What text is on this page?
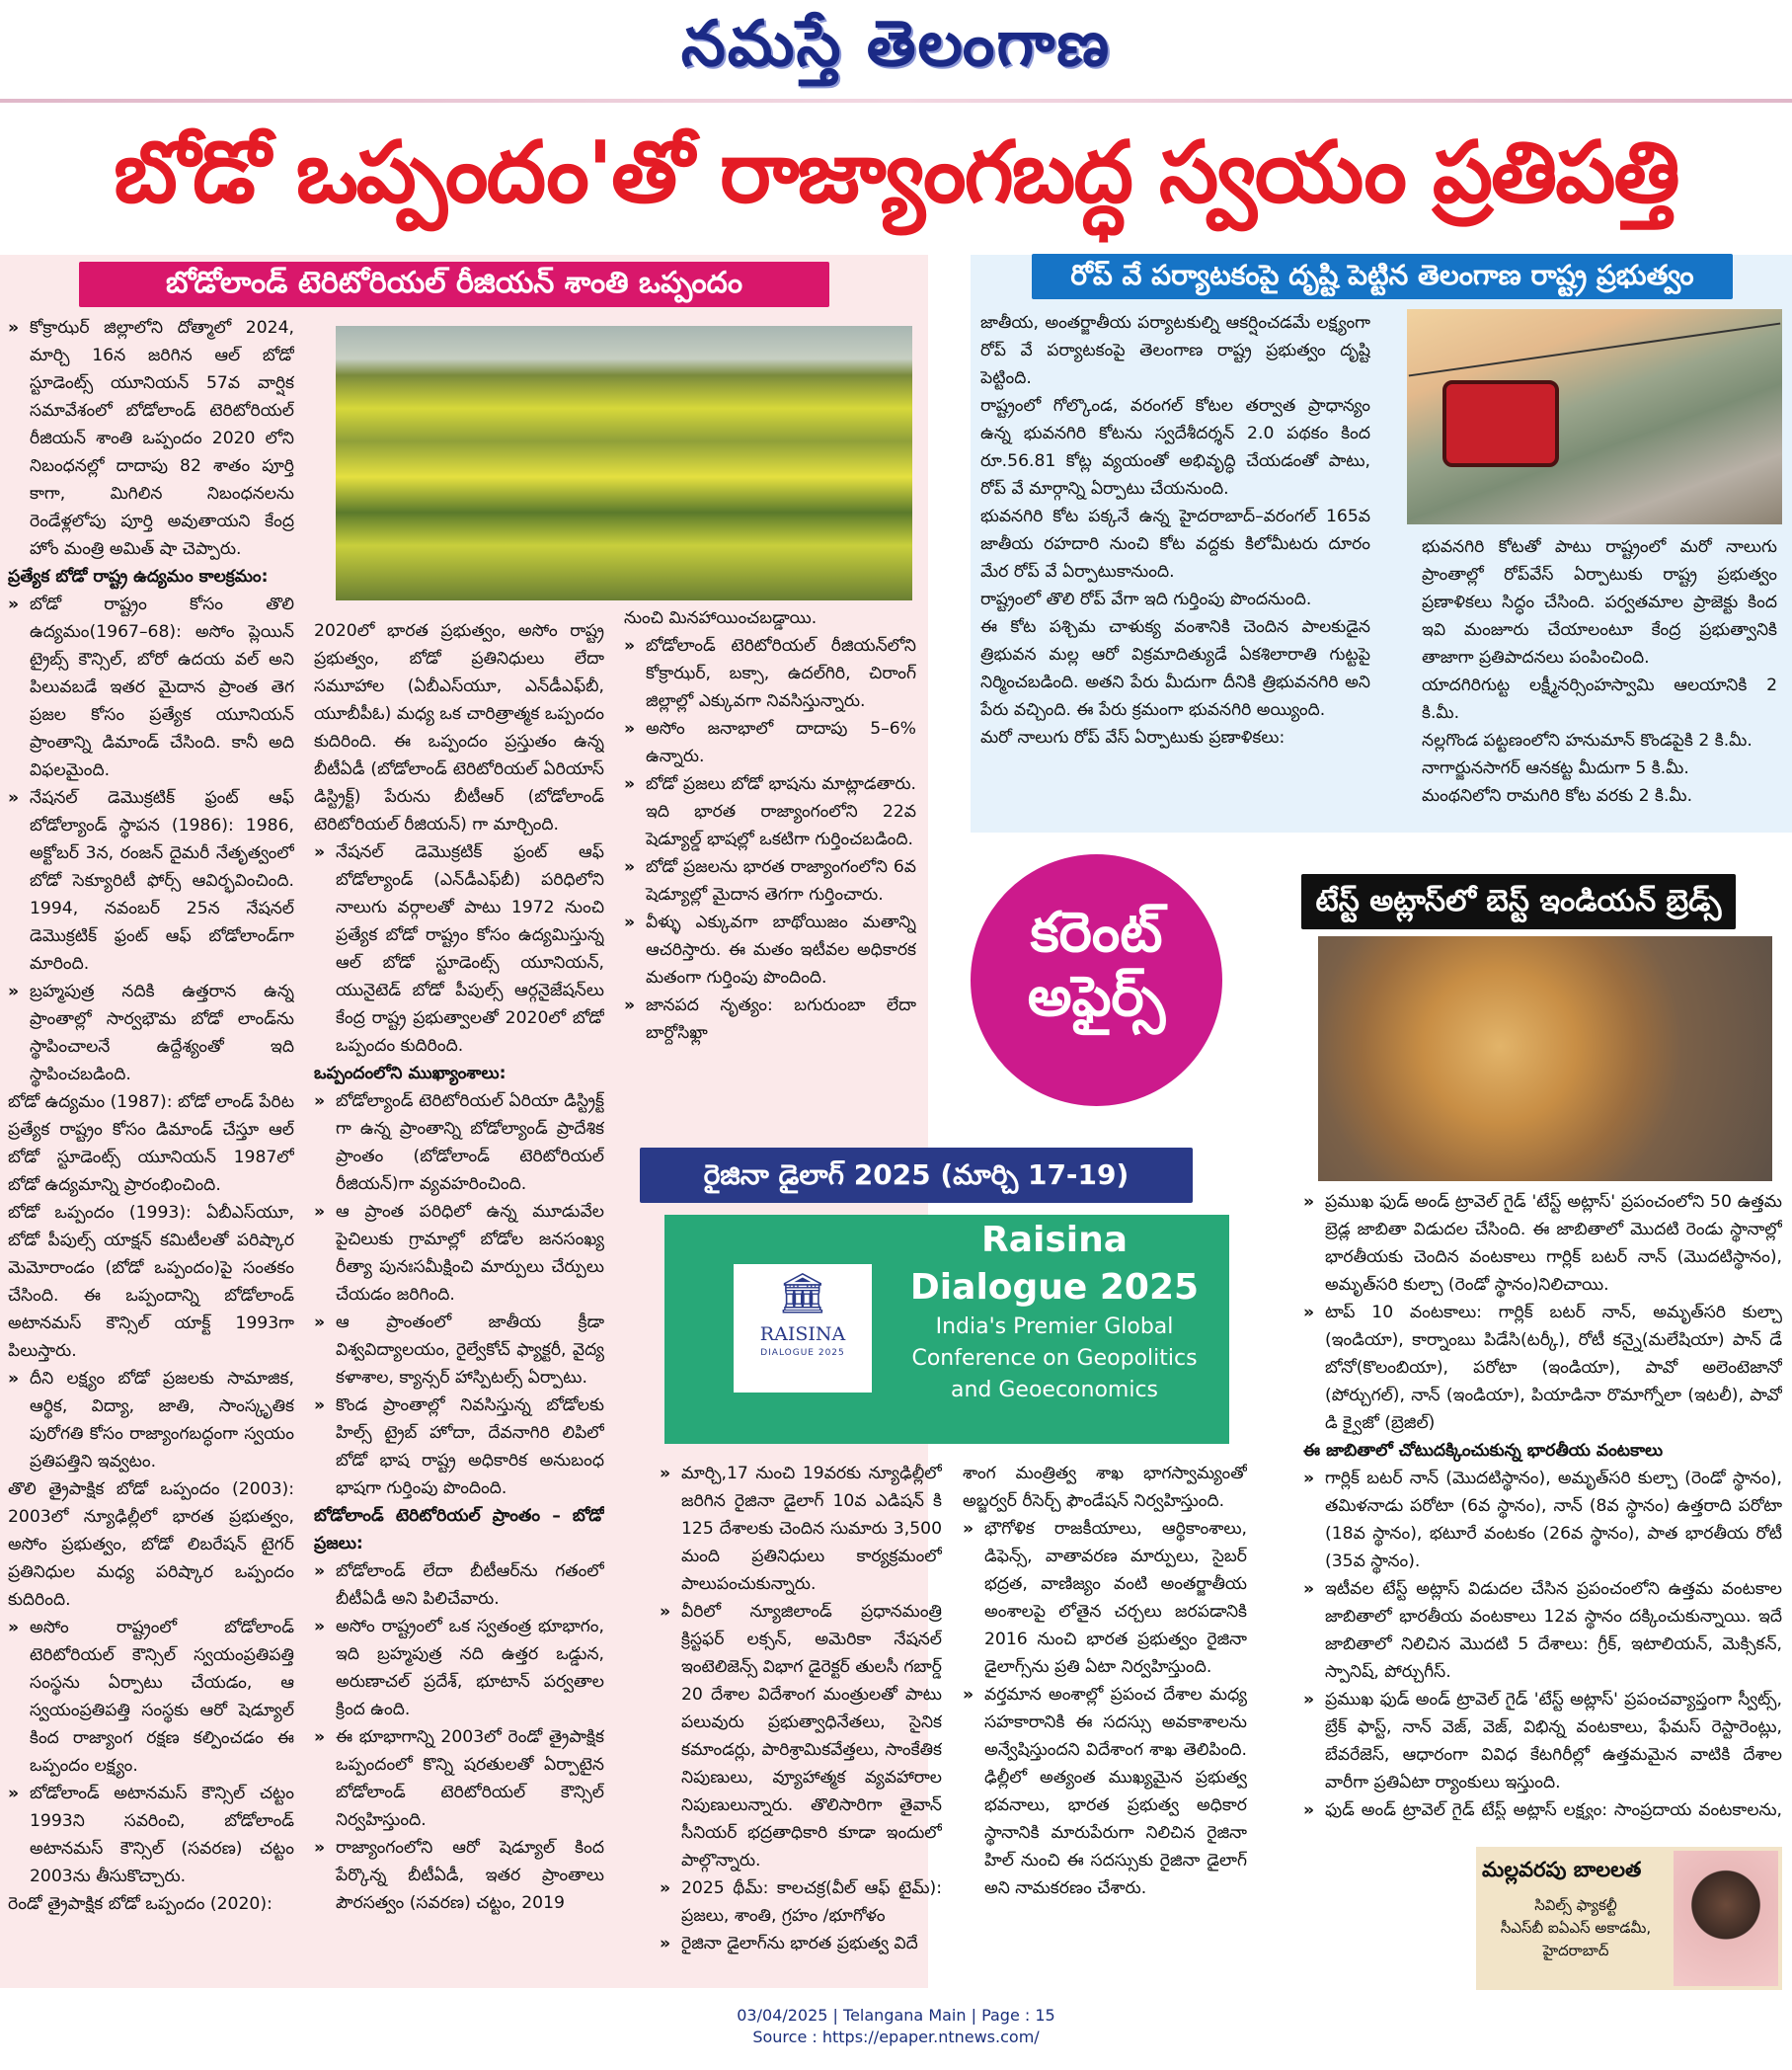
నమస్తే తెలంగాణ
బోడో ఒప్పందం'తో రాజ్యాంగబద్ధ స్వయం ప్రతిపత్తి
బోడోలాండ్ టెరిటోరియల్ రీజియన్ శాంతి ఒప్పందం

» కోక్రాఝర్ జిల్లాలోని దోత్మాలో 2024, మార్చి 16న జరిగిన ఆల్ బోడో స్టూడెంట్స్ యూనియన్ 57వ వార్షిక సమావేశంలో బోడోలాండ్ టెరిటోరియల్ రీజియన్ శాంతి ఒప్పందం 2020 లోని నిబంధనల్లో దాదాపు 82 శాతం పూర్తి కాగా, మిగిలిన నిబంధనలను రెండేళ్లలోపు పూర్తి అవుతాయని కేంద్ర హోం మంత్రి అమిత్ షా చెప్పారు.

ప్రత్యేక బోడో రాష్ట్ర ఉద్యమం కాలక్రమం:

» బోడో రాష్ట్రం కోసం తొలి ఉద్యమం(1967–68): అసోం ప్లెయిన్ ట్రైబ్స్ కౌన్సిల్, బోరో ఉదయ వల్ అని పిలువబడే ఇతర మైదాన ప్రాంత తెగ ప్రజల కోసం ప్రత్యేక యూనియన్ ప్రాంతాన్ని డిమాండ్ చేసింది. కానీ అది విఫలమైంది.

» నేషనల్ డెమొక్రటిక్ ఫ్రంట్ ఆఫ్ బోడోల్యాండ్ స్థాపన (1986): 1986, అక్టోబర్ 3న, రంజన్ దైమరీ నేతృత్వంలో బోడో సెక్యూరిటీ ఫోర్స్ ఆవిర్భవించింది. 1994, నవంబర్ 25న నేషనల్ డెమొక్రటిక్ ఫ్రంట్ ఆఫ్ బోడోలాండ్‌గా మారింది.

» బ్రహ్మపుత్ర నదికి ఉత్తరాన ఉన్న ప్రాంతాల్లో సార్వభౌమ బోడో లాండ్‌ను స్థాపించాలనే ఉద్దేశ్యంతో ఇది స్థాపించబడింది.

బోడో ఉద్యమం (1987): బోడో లాండ్ పేరిట ప్రత్యేక రాష్ట్రం కోసం డిమాండ్ చేస్తూ ఆల్ బోడో స్టూడెంట్స్ యూనియన్ 1987లో బోడో ఉద్యమాన్ని ప్రారంభించింది.

బోడో ఒప్పందం (1993): ఏబీఎస్‌యూ, బోడో పీపుల్స్ యాక్షన్ కమిటీలతో పరిష్కార మెమోరాండం (బోడో ఒప్పందం)పై సంతకం చేసింది. ఈ ఒప్పందాన్ని బోడోలాండ్ అటానమస్ కౌన్సిల్ యాక్ట్ 1993గా పిలుస్తారు.

» దీని లక్ష్యం బోడో ప్రజలకు సామాజిక, ఆర్థిక, విద్యా, జాతి, సాంస్కృతిక పురోగతి కోసం రాజ్యాంగబద్ధంగా స్వయం ప్రతిపత్తిని ఇవ్వటం.

తొలి త్రైపాక్షిక బోడో ఒప్పందం (2003): 2003లో న్యూఢిల్లీలో భారత ప్రభుత్వం, అసోం ప్రభుత్వం, బోడో లిబరేషన్ టైగర్ ప్రతినిధుల మధ్య పరిష్కార ఒప్పందం కుదిరింది.

» అసోం రాష్ట్రంలో బోడోలాండ్ టెరిటోరియల్ కౌన్సిల్ స్వయంప్రతిపత్తి సంస్థను ఏర్పాటు చేయడం, ఆ స్వయంప్రతిపత్తి సంస్థకు ఆరో షెడ్యూల్ కింద రాజ్యాంగ రక్షణ కల్పించడం ఈ ఒప్పందం లక్ష్యం.

» బోడోలాండ్ అటానమస్ కౌన్సిల్ చట్టం 1993ని సవరించి, బోడోలాండ్ అటానమస్ కౌన్సిల్ (సవరణ) చట్టం 2003ను తీసుకొచ్చారు.

రెండో త్రైపాక్షిక బోడో ఒప్పందం (2020):

2020లో భారత ప్రభుత్వం, అసోం రాష్ట్ర ప్రభుత్వం, బోడో ప్రతినిధులు లేదా సమూహాల (ఏబీఎస్‌యూ, ఎన్‌డీఎఫ్‌బీ, యూబీపీఓ) మధ్య ఒక చారిత్రాత్మక ఒప్పందం కుదిరింది. ఈ ఒప్పందం ప్రస్తుతం ఉన్న బీటీఏడీ (బోడోలాండ్ టెరిటోరియల్ ఏరియాస్ డిస్ట్రిక్ట్) పేరును బీటీఆర్ (బోడోలాండ్ టెరిటోరియల్ రీజియన్) గా మార్చింది.

» నేషనల్ డెమొక్రటిక్ ఫ్రంట్ ఆఫ్ బోడోల్యాండ్ (ఎన్‌డీఎఫ్‌బీ) పరిధిలోని నాలుగు వర్గాలతో పాటు 1972 నుంచి ప్రత్యేక బోడో రాష్ట్రం కోసం ఉద్యమిస్తున్న ఆల్ బోడో స్టూడెంట్స్ యూనియన్, యునైటెడ్ బోడో పీపుల్స్ ఆర్గనైజేషన్‌లు కేంద్ర రాష్ట్ర ప్రభుత్వాలతో 2020లో బోడో ఒప్పందం కుదిరింది.

ఒప్పందంలోని ముఖ్యాంశాలు:

» బోడోల్యాండ్ టెరిటోరియల్ ఏరియా డిస్ట్రిక్ట్ గా ఉన్న ప్రాంతాన్ని బోడోల్యాండ్ ప్రాదేశిక ప్రాంతం (బోడోలాండ్ టెరిటోరియల్ రీజియన్)గా వ్యవహరించింది.

» ఆ ప్రాంత పరిధిలో ఉన్న మూడువేల పైచిలుకు గ్రామాల్లో బోడోల జనసంఖ్య రీత్యా పునఃసమీక్షించి మార్పులు చేర్పులు చేయడం జరిగింది.

» ఆ ప్రాంతంలో జాతీయ క్రీడా విశ్వవిద్యాలయం, రైల్వేకోచ్ ఫ్యాక్టరీ, వైద్య కళాశాల, క్యాన్సర్ హాస్పిటల్స్ ఏర్పాటు.

» కొండ ప్రాంతాల్లో నివసిస్తున్న బోడోలకు హిల్స్ ట్రైబ్ హోదా, దేవనాగిరి లిపిలో బోడో భాష రాష్ట్ర అధికారిక అనుబంధ భాషగా గుర్తింపు పొందింది.

బోడోలాండ్ టెరిటోరియల్ ప్రాంతం – బోడో ప్రజలు:

» బోడోలాండ్ లేదా బీటీఆర్‌ను గతంలో బీటీఏడీ అని పిలిచేవారు.

» అసోం రాష్ట్రంలో ఒక స్వతంత్ర భూభాగం, ఇది బ్రహ్మపుత్ర నది ఉత్తర ఒడ్డున, అరుణాచల్ ప్రదేశ్, భూటాన్ పర్వతాల క్రింద ఉంది.

» ఈ భూభాగాన్ని 2003లో రెండో త్రైపాక్షిక ఒప్పందంలో కొన్ని షరతులతో ఏర్పాటైన బోడోలాండ్ టెరిటోరియల్ కౌన్సిల్ నిర్వహిస్తుంది.

» రాజ్యాంగంలోని ఆరో షెడ్యూల్ కింద పేర్కొన్న బీటీఏడీ, ఇతర ప్రాంతాలు పౌరసత్వం (సవరణ) చట్టం, 2019

నుంచి మినహాయించబడ్డాయి.

» బోడోలాండ్ టెరిటోరియల్ రీజియన్‌లోని కోక్రాఝర్, బక్సా, ఉదల్‌గిరి, చిరాంగ్ జిల్లాల్లో ఎక్కువగా నివసిస్తున్నారు.

» అసోం జనాభాలో దాదాపు 5–6% ఉన్నారు.

» బోడో ప్రజలు బోడో భాషను మాట్లాడతారు. ఇది భారత రాజ్యాంగంలోని 22వ షెడ్యూల్డ్ భాషల్లో ఒకటిగా గుర్తించబడింది.

» బోడో ప్రజలను భారత రాజ్యాంగంలోని 6వ షెడ్యూల్లో మైదాన తెగగా గుర్తించారు.

» వీళ్ళు ఎక్కువగా బాథోయిజం మతాన్ని ఆచరిస్తారు. ఈ మతం ఇటీవల అధికారక మతంగా గుర్తింపు పొందింది.

» జానపద నృత్యం: బగురుంబా లేదా బార్దోసిఖ్లా

కరెంట్
అఫైర్స్
రోప్ వే పర్యాటకంపై దృష్టి పెట్టిన తెలంగాణ రాష్ట్ర ప్రభుత్వం

జాతీయ, అంతర్జాతీయ పర్యాటకుల్ని ఆకర్షించడమే లక్ష్యంగా రోప్ వే పర్యాటకంపై తెలంగాణ రాష్ట్ర ప్రభుత్వం దృష్టి పెట్టింది.

రాష్ట్రంలో గోల్కొండ, వరంగల్ కోటల తర్వాత ప్రాధాన్యం ఉన్న భువనగిరి కోటను స్వదేశీదర్శన్ 2.0 పథకం కింద రూ.56.81 కోట్ల వ్యయంతో అభివృద్ధి చేయడంతో పాటు, రోప్ వే మార్గాన్ని ఏర్పాటు చేయనుంది.

భువనగిరి కోట పక్కనే ఉన్న హైదరాబాద్–వరంగల్ 165వ జాతీయ రహదారి నుంచి కోట వద్దకు కిలోమీటరు దూరం మేర రోప్ వే ఏర్పాటుకానుంది.

రాష్ట్రంలో తొలి రోప్ వేగా ఇది గుర్తింపు పొందనుంది.

ఈ కోట పశ్చిమ చాళుక్య వంశానికి చెందిన పాలకుడైన త్రిభువన మల్ల ఆరో విక్రమాదిత్యుడే ఏకశిలారాతి గుట్టపై నిర్మించబడింది. అతని పేరు మీదుగా దీనికి త్రిభువనగిరి అని పేరు వచ్చింది. ఈ పేరు క్రమంగా భువనగిరి అయ్యింది.

మరో నాలుగు రోప్ వేస్ ఏర్పాటుకు ప్రణాళికలు:

భువనగిరి కోటతో పాటు రాష్ట్రంలో మరో నాలుగు ప్రాంతాల్లో రోప్‌వేస్ ఏర్పాటుకు రాష్ట్ర ప్రభుత్వం ప్రణాళికలు సిద్ధం చేసింది. పర్వతమాల ప్రాజెక్టు కింద ఇవి మంజూరు చేయాలంటూ కేంద్ర ప్రభుత్వానికి తాజాగా ప్రతిపాదనలు పంపించింది.

యాదగిరిగుట్ట లక్ష్మీనర్సింహస్వామి ఆలయానికి 2 కి.మీ.

నల్లగొండ పట్టణంలోని హనుమాన్ కొండపైకి 2 కి.మీ.

నాగార్జునసాగర్ ఆనకట్ట మీదుగా 5 కి.మీ.

మంథనిలోని రామగిరి కోట వరకు 2 కి.మీ.

రైజినా డైలాగ్ 2025 (మార్చి 17-19)
🏛
RAISINA
DIALOGUE 2025
Raisina
Dialogue 2025
India's Premier Global
Conference on Geopolitics
and Geoeconomics

» మార్చి,17 నుంచి 19వరకు న్యూఢిల్లీలో జరిగిన రైజినా డైలాగ్ 10వ ఎడిషన్ కి 125 దేశాలకు చెందిన సుమారు 3,500 మంది ప్రతినిధులు కార్యక్రమంలో పాలుపంచుకున్నారు.

» వీరిలో న్యూజిలాండ్ ప్రధానమంత్రి క్రిస్టఫర్ లక్సన్, అమెరికా నేషనల్ ఇంటెలిజెన్స్ విభాగ డైరెక్టర్ తులసీ గబార్డ్ 20 దేశాల విదేశాంగ మంత్రులతో పాటు పలువురు ప్రభుత్వాధినేతలు, సైనిక కమాండర్లు, పారిశ్రామికవేత్తలు, సాంకేతిక నిపుణులు, వ్యూహాత్మక వ్యవహారాల నిపుణులున్నారు. తొలిసారిగా తైవాన్ సీనియర్ భద్రతాధికారి కూడా ఇందులో పాల్గొన్నారు.

» 2025 థీమ్: కాలచక్ర(వీల్ ఆఫ్ టైమ్): ప్రజలు, శాంతి, గ్రహం /భూగోళం

» రైజినా డైలాగ్‌ను భారత ప్రభుత్వ విదే

శాంగ మంత్రిత్వ శాఖ భాగస్వామ్యంతో అబ్జర్వర్ రీసెర్చ్ ఫౌండేషన్ నిర్వహిస్తుంది.

» భౌగోళిక రాజకీయాలు, ఆర్థికాంశాలు, డిఫెన్స్, వాతావరణ మార్పులు, సైబర్ భద్రత, వాణిజ్యం వంటి అంతర్జాతీయ అంశాలపై లోతైన చర్చలు జరపడానికి 2016 నుంచి భారత ప్రభుత్వం రైజినా డైలాగ్స్‌ను ప్రతి ఏటా నిర్వహిస్తుంది.

» వర్తమాన అంశాల్లో ప్రపంచ దేశాల మధ్య సహకారానికి ఈ సదస్సు అవకాశాలను అన్వేషిస్తుందని విదేశాంగ శాఖ తెలిపింది. ఢిల్లీలో అత్యంత ముఖ్యమైన ప్రభుత్వ భవనాలు, భారత ప్రభుత్వ అధికార స్థానానికి మారుపేరుగా నిలిచిన రైజినా హిల్ నుంచి ఈ సదస్సుకు రైజినా డైలాగ్ అని నామకరణం చేశారు.

టేస్ట్ అట్లాస్‌లో బెస్ట్ ఇండియన్ బ్రెడ్స్

» ప్రముఖ ఫుడ్ అండ్ ట్రావెల్ గైడ్ 'టేస్ట్ అట్లాస్' ప్రపంచంలోని 50 ఉత్తమ బ్రెడ్ల జాబితా విడుదల చేసింది. ఈ జాబితాలో మొదటి రెండు స్థానాల్లో భారతీయకు చెందిన వంటకాలు గార్లిక్ బటర్ నాన్ (మొదటిస్థానం), అమృత్‌సరి కుల్చా (రెండో స్థానం)నిలిచాయి.

» టాప్ 10 వంటకాలు: గార్లిక్ బటర్ నాన్, అమృత్‌సరి కుల్చా (ఇండియా), కార్నాంబు పిడేసి(టర్కీ), రోటీ కన్నై(మలేషియా) పాన్ డే బోనో(కొలంబియా), పరోటా (ఇండియా), పావో అలెంటెజానో (పోర్చుగల్), నాన్ (ఇండియా), పియాడినా రొమాగ్నోలా (ఇటలీ), పావో డి క్వైజో (బ్రెజిల్)

ఈ జాబితాలో చోటుదక్కించుకున్న భారతీయ వంటకాలు

» గార్లిక్ బటర్ నాన్ (మొదటిస్థానం), అమృత్‌సరి కుల్చా (రెండో స్థానం), తమిళనాడు పరోటా (6వ స్థానం), నాన్ (8వ స్థానం) ఉత్తరాది పరోటా (18వ స్థానం), భటూరే వంటకం (26వ స్థానం), పాత భారతీయ రోటీ (35వ స్థానం).

» ఇటీవల టేస్ట్ అట్లాస్ విడుదల చేసిన ప్రపంచంలోని ఉత్తమ వంటకాల జాబితాలో భారతీయ వంటకాలు 12వ స్థానం దక్కించుకున్నాయి. ఇదే జాబితాలో నిలిచిన మొదటి 5 దేశాలు: గ్రీక్, ఇటాలియన్, మెక్సికన్, స్పానిష్, పోర్చుగీస్.

» ప్రముఖ ఫుడ్ అండ్ ట్రావెల్ గైడ్ 'టేస్ట్ అట్లాస్' ప్రపంచవ్యాప్తంగా స్వీట్స్, బ్రేక్ ఫాస్ట్, నాన్ వెజ్, వెజ్, విభిన్న వంటకాలు, ఫేమస్ రెస్టారెంట్లు, బేవరేజెస్, ఆధారంగా వివిధ కేటగిరీల్లో ఉత్తమమైన వాటికి దేశాల వారీగా ప్రతిఏటా ర్యాంకులు ఇస్తుంది.

» ఫుడ్ అండ్ ట్రావెల్ గైడ్ టేస్ట్ అట్లాస్ లక్ష్యం: సాంప్రదాయ వంటకాలను,

మల్లవరపు బాలలత
సివిల్స్ ఫ్యాకల్టీ
సీఎస్‌బీ ఐఏఎస్ అకాడమీ,
హైదరాబాద్
03/04/2025 | Telangana Main | Page : 15
Source : https://epaper.ntnews.com/
